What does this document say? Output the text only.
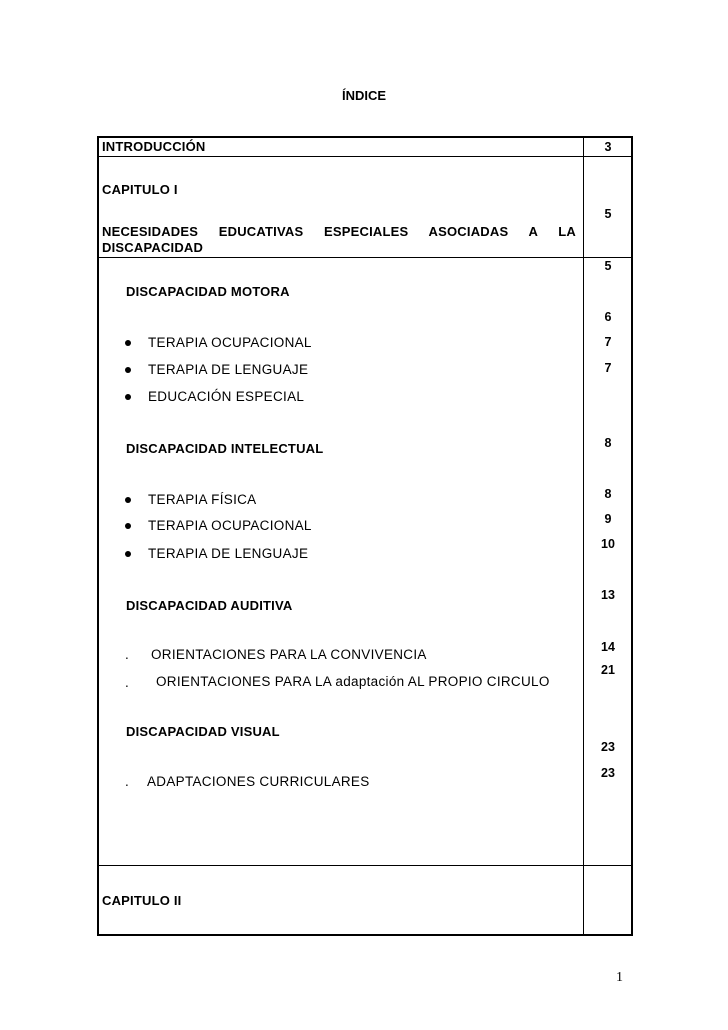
ÍNDICE
INTRODUCCIÓN	3
CAPITULO I
NECESIDADES EDUCATIVAS ESPECIALES ASOCIADAS A LA
DISCAPACIDAD
5
DISCAPACIDAD MOTORA
TERAPIA OCUPACIONAL
TERAPIA DE LENGUAJE
EDUCACIÓN ESPECIAL
DISCAPACIDAD INTELECTUAL
TERAPIA FÍSICA
TERAPIA OCUPACIONAL
TERAPIA DE LENGUAJE
DISCAPACIDAD AUDITIVA
. ORIENTACIONES PARA LA CONVIVENCIA
. ORIENTACIONES PARA LA adaptación AL PROPIO CIRCULO
DISCAPACIDAD VISUAL
. ADAPTACIONES CURRICULARES
5
6
7
7
8
8
9
10
13
14
21
23
23
CAPITULO II
1
